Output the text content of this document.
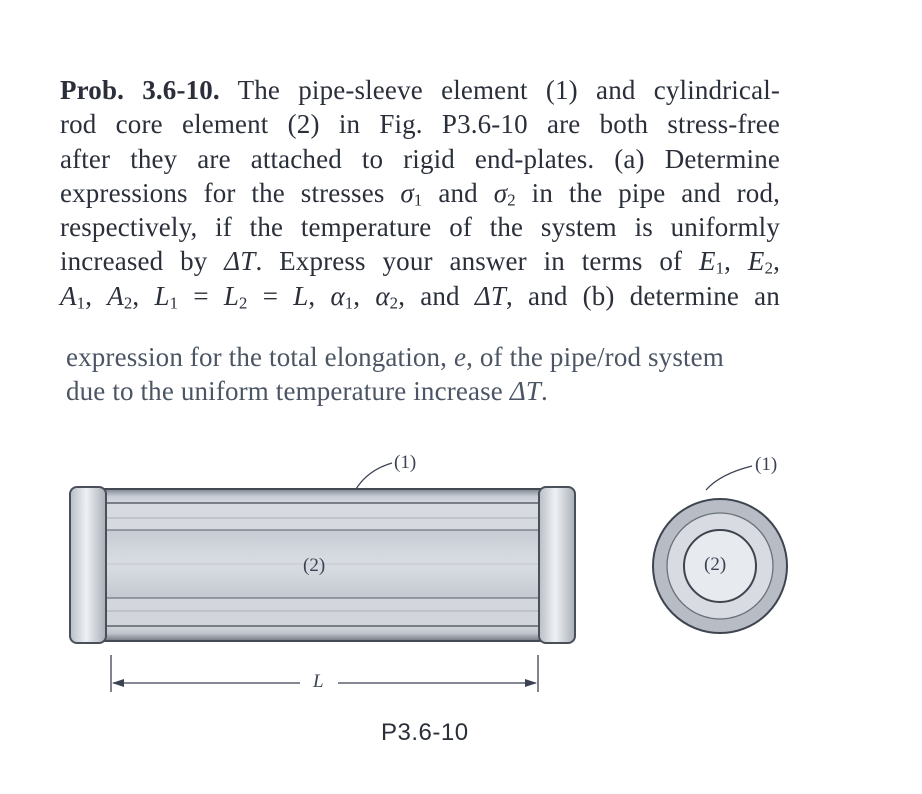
Prob. 3.6-10. The pipe-sleeve element (1) and cylindrical-
rod core element (2) in Fig. P3.6-10 are both stress-free
after they are attached to rigid end-plates. (a) Determine
expressions for the stresses $\sigma_1$ and $\sigma_2$ in the pipe and rod,
respectively, if the temperature of the system is uniformly
increased by ΔT. Express your answer in terms of $E_1$, $E_2$,
$A_1$, $A_2$, $L_1 = L_2 = L$, $\alpha_1$, $\alpha_2$, and ΔT, and (b) determine an
expression for the total elongation, e, of the pipe/rod system
due to the uniform temperature increase ΔT.
(1)
(2)
(1)
(2)
L
P3.6-10
